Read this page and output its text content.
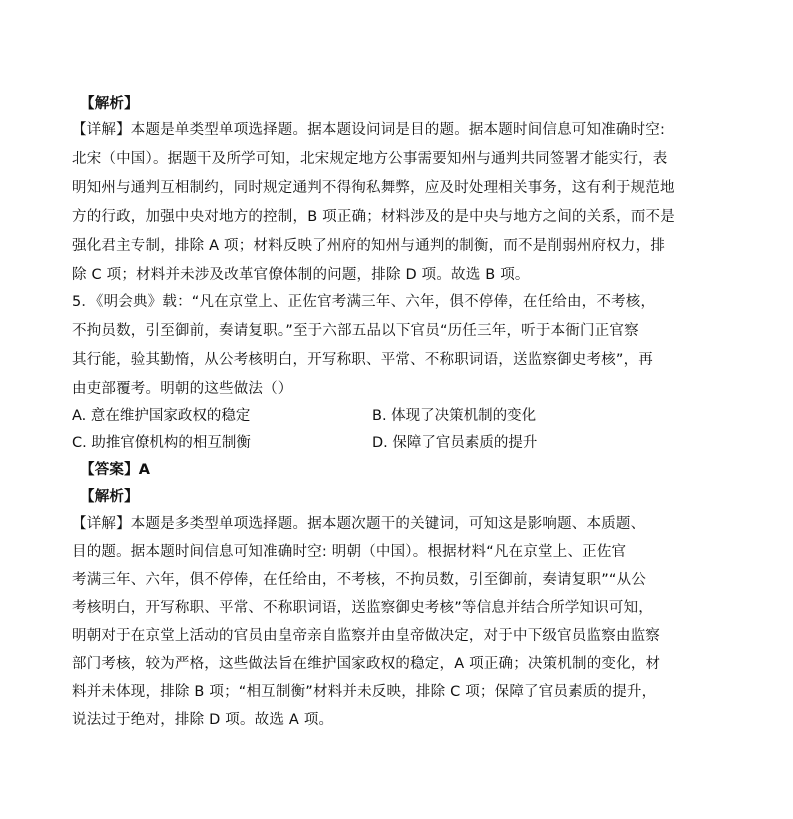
【解析】
【详解】本题是单类型单项选择题。据本题设问词是目的题。据本题时间信息可知准确时空:
北宋（中国）。据题干及所学可知，北宋规定地方公事需要知州与通判共同签署才能实行，表
明知州与通判互相制约，同时规定通判不得徇私舞弊，应及时处理相关事务，这有利于规范地
方的行政，加强中央对地方的控制，B 项正确；材料涉及的是中央与地方之间的关系，而不是
强化君主专制，排除 A 项；材料反映了州府的知州与通判的制衡，而不是削弱州府权力，排
除 C 项；材料并未涉及改革官僚体制的问题，排除 D 项。故选 B 项。
5．《明会典》载：“凡在京堂上、正佐官考满三年、六年，俱不停俸，在任给由，不考核，
不拘员数，引至御前，奏请复职。”至于六部五品以下官员“历任三年，听于本衙门正官察
其行能，验其勤惰，从公考核明白，开写称职、平常、不称职词语，送监察御史考核”，再
由吏部覆考。明朝的这些做法（）
A. 意在维护国家政权的稳定	B. 体现了决策机制的变化
C. 助推官僚机构的相互制衡	D. 保障了官员素质的提升
【答案】A
【解析】
【详解】本题是多类型单项选择题。据本题次题干的关键词，可知这是影响题、本质题、
目的题。据本题时间信息可知准确时空: 明朝（中国）。根据材料“凡在京堂上、正佐官
考满三年、六年，俱不停俸，在任给由，不考核，不拘员数，引至御前，奏请复职”“从公
考核明白，开写称职、平常、不称职词语，送监察御史考核”等信息并结合所学知识可知，
明朝对于在京堂上活动的官员由皇帝亲自监察并由皇帝做决定，对于中下级官员监察由监察
部门考核，较为严格，这些做法旨在维护国家政权的稳定，A 项正确；决策机制的变化，材
料并未体现，排除 B 项；“相互制衡”材料并未反映，排除 C 项；保障了官员素质的提升，
说法过于绝对，排除 D 项。故选 A 项。
